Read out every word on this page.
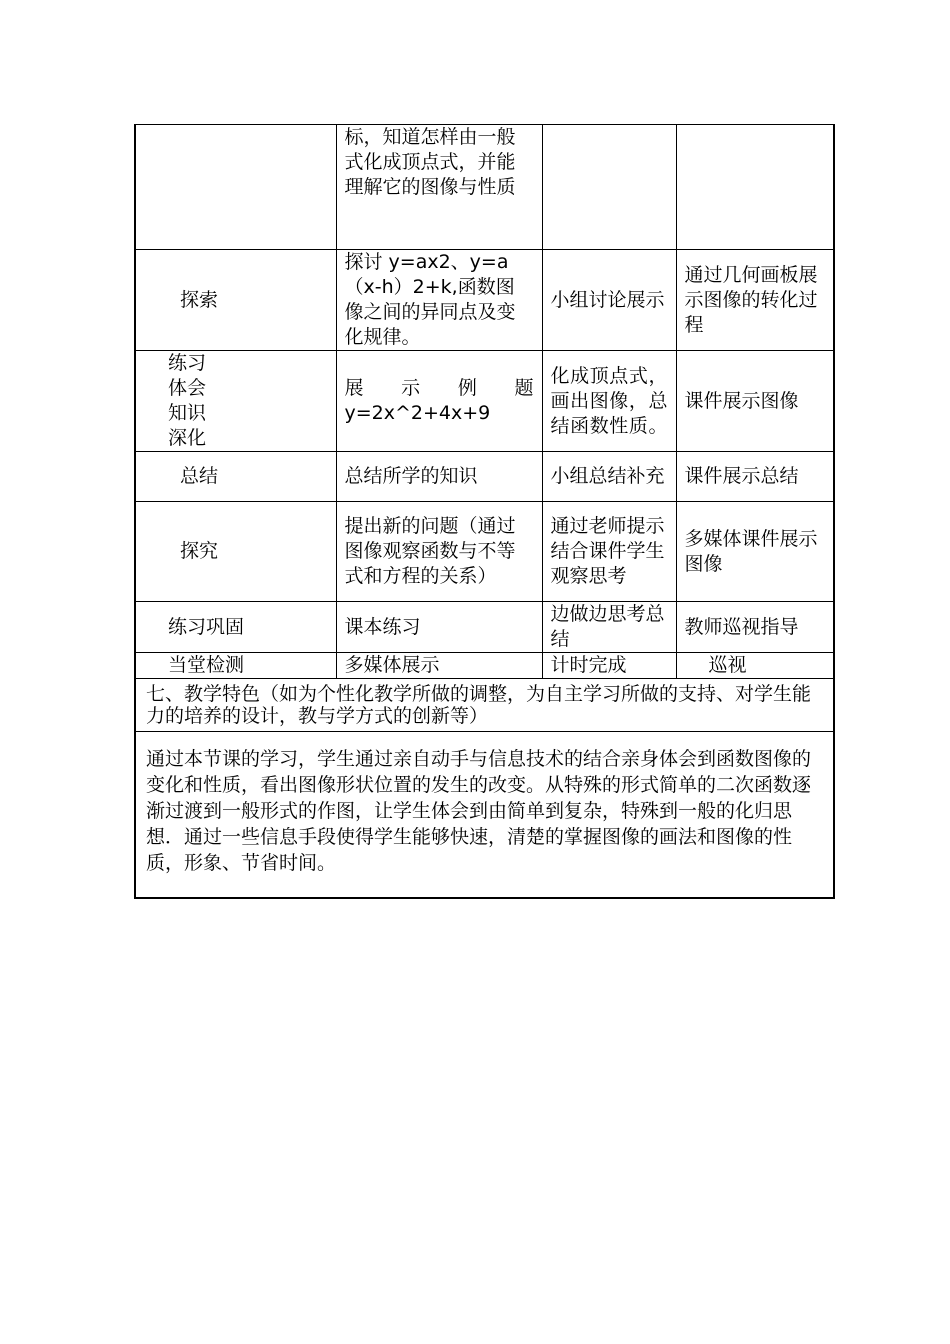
	标，知道怎样由一般式化成顶点式，并能理解它的图像与性质		
探索	探讨 y=ax2、y=a（x-h）2+k,函数图像之间的异同点及变化规律。	小组讨论展示	通过几何画板展示图像的转化过程
练习体会知识深化	展示例题 y=2x^2+4x+9	化成顶点式，画出图像，总结函数性质。	课件展示图像
总结	总结所学的知识	小组总结补充	课件展示总结
探究	提出新的问题（通过图像观察函数与不等式和方程的关系）	通过老师提示结合课件学生观察思考	多媒体课件展示图像
练习巩固	课本练习	边做边思考总结	教师巡视指导
当堂检测	多媒体展示	计时完成	巡视
七、教学特色（如为个性化教学所做的调整，为自主学习所做的支持、对学生能力的培养的设计，教与学方式的创新等）			
通过本节课的学习，学生通过亲自动手与信息技术的结合亲身体会到函数图像的变化和性质，看出图像形状位置的发生的改变。从特殊的形式简单的二次函数逐渐过渡到一般形式的作图，让学生体会到由简单到复杂，特殊到一般的化归思想．通过一些信息手段使得学生能够快速，清楚的掌握图像的画法和图像的性质，形象、节省时间。			
